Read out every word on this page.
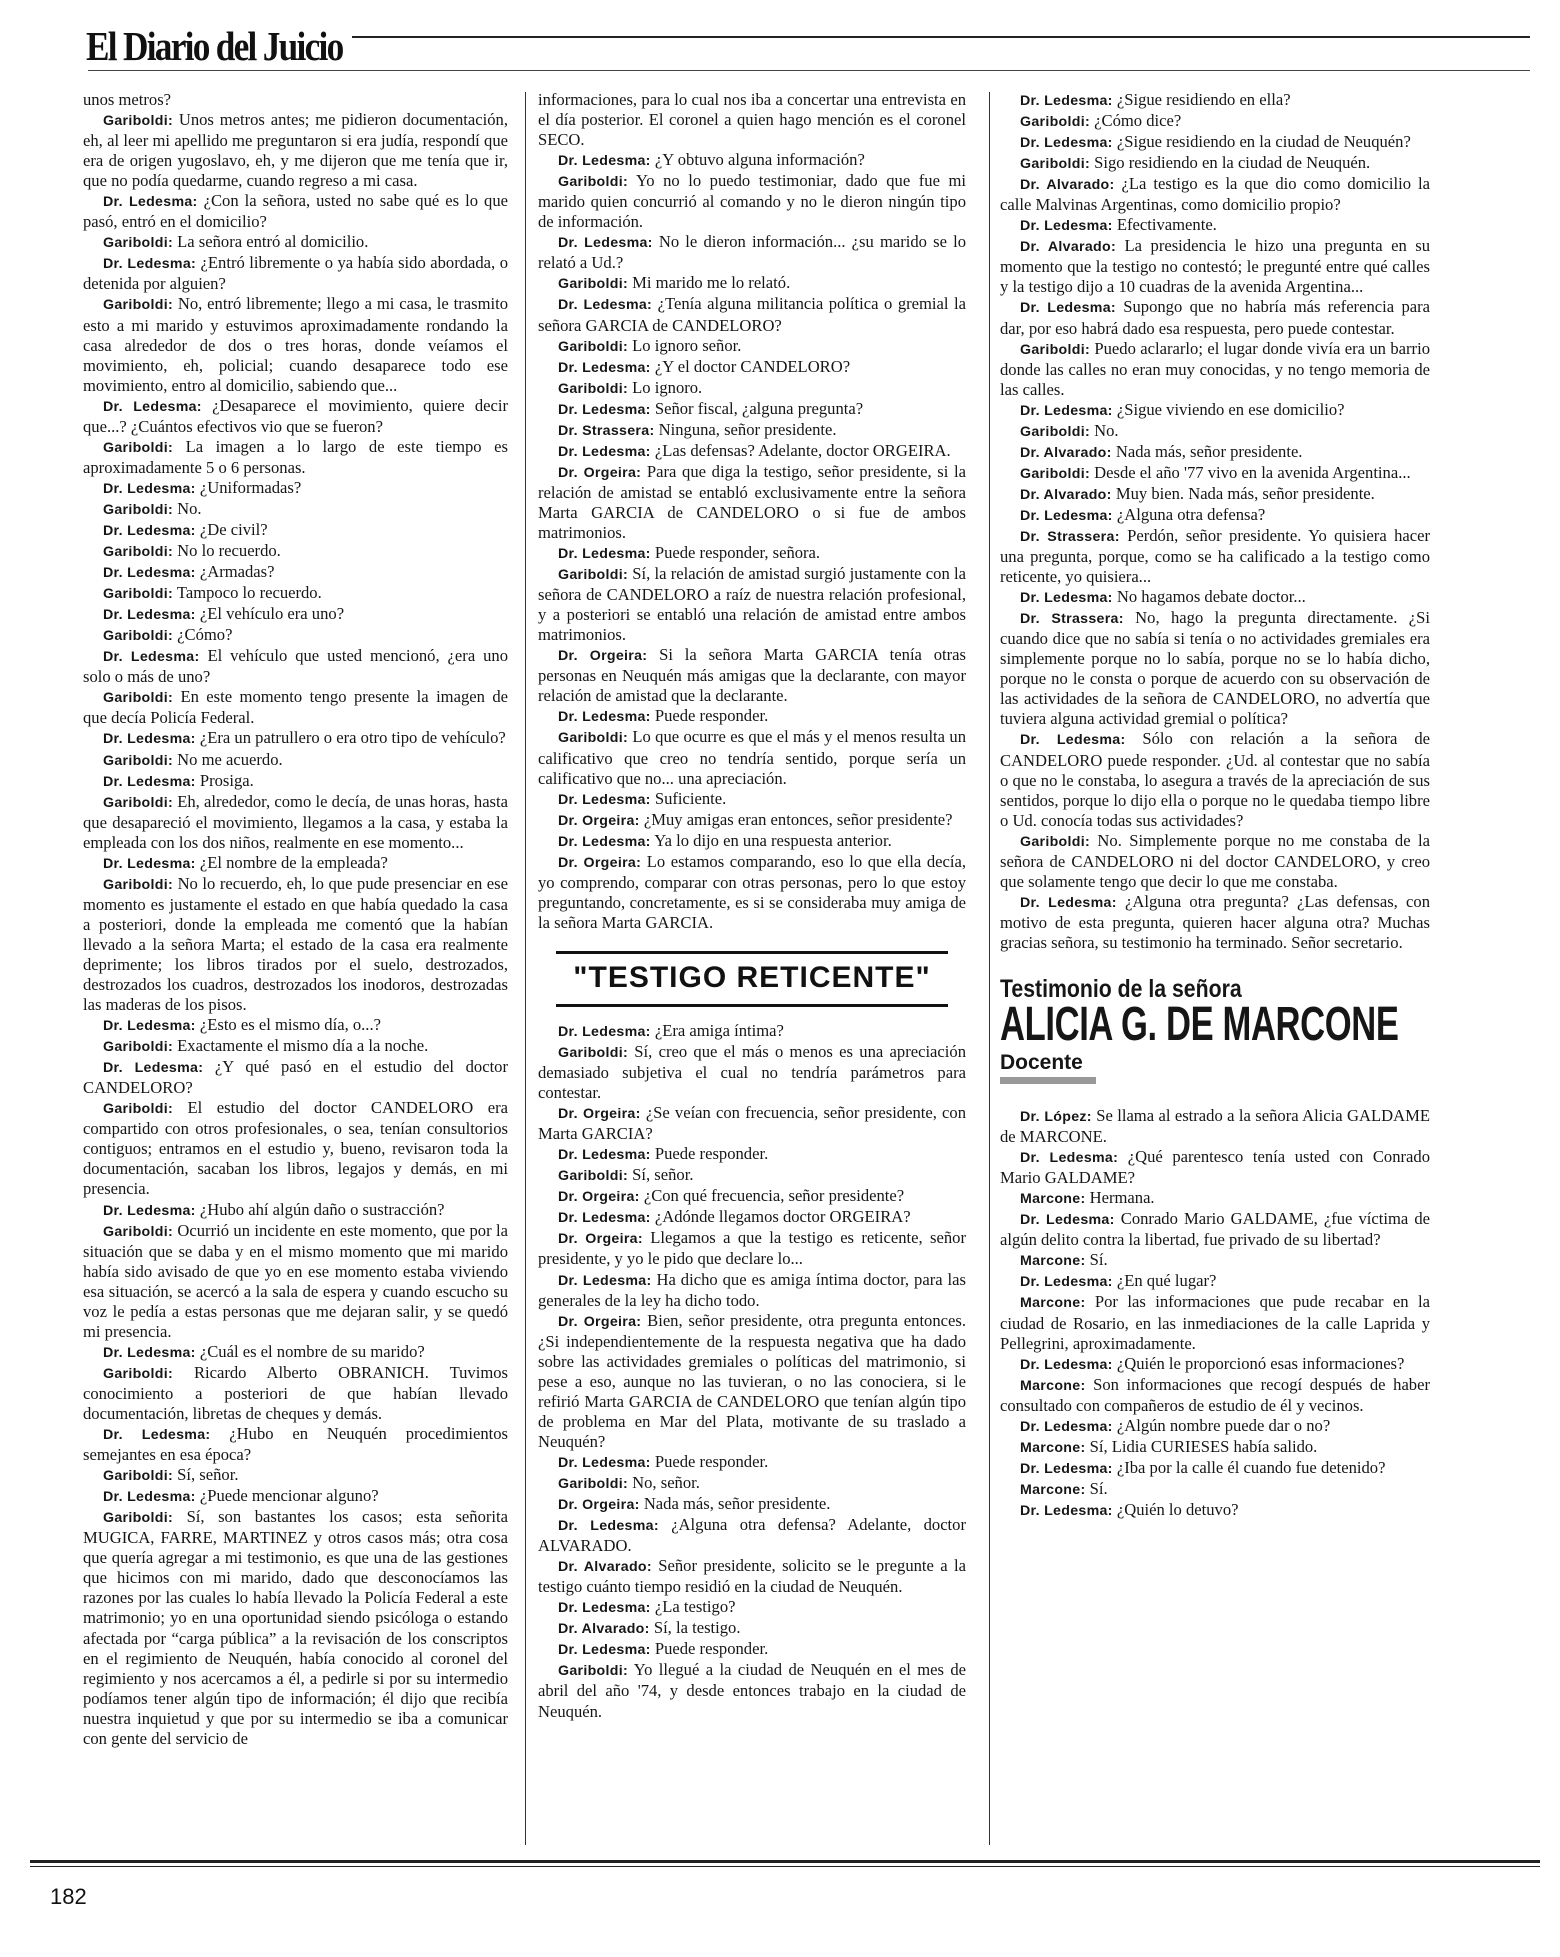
El Diario del Juicio

unos metros?

Gariboldi: Unos metros antes; me pidieron documentación, eh, al leer mi apellido me preguntaron si era judía, respondí que era de origen yugoslavo, eh, y me dijeron que me tenía que ir, que no podía quedarme, cuando regreso a mi casa.

Dr. Ledesma: ¿Con la señora, usted no sabe qué es lo que pasó, entró en el domicilio?

Gariboldi: La señora entró al domicilio.

Dr. Ledesma: ¿Entró libremente o ya había sido abordada, o detenida por alguien?

Gariboldi: No, entró libremente; llego a mi casa, le trasmito esto a mi marido y estuvimos aproximadamente rondando la casa alrededor de dos o tres horas, donde veíamos el movimiento, eh, policial; cuando desaparece todo ese movimiento, entro al domicilio, sabiendo que...

Dr. Ledesma: ¿Desaparece el movimiento, quiere decir que...? ¿Cuántos efectivos vio que se fueron?

Gariboldi: La imagen a lo largo de este tiempo es aproximadamente 5 o 6 personas.

Dr. Ledesma: ¿Uniformadas?

Gariboldi: No.

Dr. Ledesma: ¿De civil?

Gariboldi: No lo recuerdo.

Dr. Ledesma: ¿Armadas?

Gariboldi: Tampoco lo recuerdo.

Dr. Ledesma: ¿El vehículo era uno?

Gariboldi: ¿Cómo?

Dr. Ledesma: El vehículo que usted mencionó, ¿era uno solo o más de uno?

Gariboldi: En este momento tengo presente la imagen de que decía Policía Federal.

Dr. Ledesma: ¿Era un patrullero o era otro tipo de vehículo?

Gariboldi: No me acuerdo.

Dr. Ledesma: Prosiga.

Gariboldi: Eh, alrededor, como le decía, de unas horas, hasta que desapareció el movimiento, llegamos a la casa, y estaba la empleada con los dos niños, realmente en ese momento...

Dr. Ledesma: ¿El nombre de la empleada?

Gariboldi: No lo recuerdo, eh, lo que pude presenciar en ese momento es justamente el estado en que había quedado la casa a posteriori, donde la empleada me comentó que la habían llevado a la señora Marta; el estado de la casa era realmente deprimente; los libros tirados por el suelo, destrozados, destrozados los cuadros, destrozados los inodoros, destrozadas las maderas de los pisos.

Dr. Ledesma: ¿Esto es el mismo día, o...?

Gariboldi: Exactamente el mismo día a la noche.

Dr. Ledesma: ¿Y qué pasó en el estudio del doctor CANDELORO?

Gariboldi: El estudio del doctor CANDELORO era compartido con otros profesionales, o sea, tenían consultorios contiguos; entramos en el estudio y, bueno, revisaron toda la documentación, sacaban los libros, legajos y demás, en mi presencia.

Dr. Ledesma: ¿Hubo ahí algún daño o sustracción?

Gariboldi: Ocurrió un incidente en este momento, que por la situación que se daba y en el mismo momento que mi marido había sido avisado de que yo en ese momento estaba viviendo esa situación, se acercó a la sala de espera y cuando escucho su voz le pedía a estas personas que me dejaran salir, y se quedó mi presencia.

Dr. Ledesma: ¿Cuál es el nombre de su marido?

Gariboldi: Ricardo Alberto OBRANICH. Tuvimos conocimiento a posteriori de que habían llevado documentación, libretas de cheques y demás.

Dr. Ledesma: ¿Hubo en Neuquén procedimientos semejantes en esa época?

Gariboldi: Sí, señor.

Dr. Ledesma: ¿Puede mencionar alguno?

Gariboldi: Sí, son bastantes los casos; esta señorita MUGICA, FARRE, MARTINEZ y otros casos más; otra cosa que quería agregar a mi testimonio, es que una de las gestiones que hicimos con mi marido, dado que desconocíamos las razones por las cuales lo había llevado la Policía Federal a este matrimonio; yo en una oportunidad siendo psicóloga o estando afectada por “carga pública” a la revisación de los conscriptos en el regimiento de Neuquén, había conocido al coronel del regimiento y nos acercamos a él, a pedirle si por su intermedio podíamos tener algún tipo de información; él dijo que recibía nuestra inquietud y que por su intermedio se iba a comunicar con gente del servicio de

informaciones, para lo cual nos iba a concertar una entrevista en el día posterior. El coronel a quien hago mención es el coronel SECO.

Dr. Ledesma: ¿Y obtuvo alguna información?

Gariboldi: Yo no lo puedo testimoniar, dado que fue mi marido quien concurrió al comando y no le dieron ningún tipo de información.

Dr. Ledesma: No le dieron información... ¿su marido se lo relató a Ud.?

Gariboldi: Mi marido me lo relató.

Dr. Ledesma: ¿Tenía alguna militancia política o gremial la señora GARCIA de CANDELORO?

Gariboldi: Lo ignoro señor.

Dr. Ledesma: ¿Y el doctor CANDELORO?

Gariboldi: Lo ignoro.

Dr. Ledesma: Señor fiscal, ¿alguna pregunta?

Dr. Strassera: Ninguna, señor presidente.

Dr. Ledesma: ¿Las defensas? Adelante, doctor ORGEIRA.

Dr. Orgeira: Para que diga la testigo, señor presidente, si la relación de amistad se entabló exclusivamente entre la señora Marta GARCIA de CANDELORO o si fue de ambos matrimonios.

Dr. Ledesma: Puede responder, señora.

Gariboldi: Sí, la relación de amistad surgió justamente con la señora de CANDELORO a raíz de nuestra relación profesional, y a posteriori se entabló una relación de amistad entre ambos matrimonios.

Dr. Orgeira: Si la señora Marta GARCIA tenía otras personas en Neuquén más amigas que la declarante, con mayor relación de amistad que la declarante.

Dr. Ledesma: Puede responder.

Gariboldi: Lo que ocurre es que el más y el menos resulta un calificativo que creo no tendría sentido, porque sería un calificativo que no... una apreciación.

Dr. Ledesma: Suficiente.

Dr. Orgeira: ¿Muy amigas eran entonces, señor presidente?

Dr. Ledesma: Ya lo dijo en una respuesta anterior.

Dr. Orgeira: Lo estamos comparando, eso lo que ella decía, yo comprendo, comparar con otras personas, pero lo que estoy preguntando, concretamente, es si se consideraba muy amiga de la señora Marta GARCIA.

"TESTIGO RETICENTE"

Dr. Ledesma: ¿Era amiga íntima?

Gariboldi: Sí, creo que el más o menos es una apreciación demasiado subjetiva el cual no tendría parámetros para contestar.

Dr. Orgeira: ¿Se veían con frecuencia, señor presidente, con Marta GARCIA?

Dr. Ledesma: Puede responder.

Gariboldi: Sí, señor.

Dr. Orgeira: ¿Con qué frecuencia, señor presidente?

Dr. Ledesma: ¿Adónde llegamos doctor ORGEIRA?

Dr. Orgeira: Llegamos a que la testigo es reticente, señor presidente, y yo le pido que declare lo...

Dr. Ledesma: Ha dicho que es amiga íntima doctor, para las generales de la ley ha dicho todo.

Dr. Orgeira: Bien, señor presidente, otra pregunta entonces. ¿Si independientemente de la respuesta negativa que ha dado sobre las actividades gremiales o políticas del matrimonio, si pese a eso, aunque no las tuvieran, o no las conociera, si le refirió Marta GARCIA de CANDELORO que tenían algún tipo de problema en Mar del Plata, motivante de su traslado a Neuquén?

Dr. Ledesma: Puede responder.

Gariboldi: No, señor.

Dr. Orgeira: Nada más, señor presidente.

Dr. Ledesma: ¿Alguna otra defensa? Adelante, doctor ALVARADO.

Dr. Alvarado: Señor presidente, solicito se le pregunte a la testigo cuánto tiempo residió en la ciudad de Neuquén.

Dr. Ledesma: ¿La testigo?

Dr. Alvarado: Sí, la testigo.

Dr. Ledesma: Puede responder.

Gariboldi: Yo llegué a la ciudad de Neuquén en el mes de abril del año '74, y desde entonces trabajo en la ciudad de Neuquén.

Dr. Ledesma: ¿Sigue residiendo en ella?

Gariboldi: ¿Cómo dice?

Dr. Ledesma: ¿Sigue residiendo en la ciudad de Neuquén?

Gariboldi: Sigo residiendo en la ciudad de Neuquén.

Dr. Alvarado: ¿La testigo es la que dio como domicilio la calle Malvinas Argentinas, como domicilio propio?

Dr. Ledesma: Efectivamente.

Dr. Alvarado: La presidencia le hizo una pregunta en su momento que la testigo no contestó; le pregunté entre qué calles y la testigo dijo a 10 cuadras de la avenida Argentina...

Dr. Ledesma: Supongo que no habría más referencia para dar, por eso habrá dado esa respuesta, pero puede contestar.

Gariboldi: Puedo aclararlo; el lugar donde vivía era un barrio donde las calles no eran muy conocidas, y no tengo memoria de las calles.

Dr. Ledesma: ¿Sigue viviendo en ese domicilio?

Gariboldi: No.

Dr. Alvarado: Nada más, señor presidente.

Gariboldi: Desde el año '77 vivo en la avenida Argentina...

Dr. Alvarado: Muy bien. Nada más, señor presidente.

Dr. Ledesma: ¿Alguna otra defensa?

Dr. Strassera: Perdón, señor presidente. Yo quisiera hacer una pregunta, porque, como se ha calificado a la testigo como reticente, yo quisiera...

Dr. Ledesma: No hagamos debate doctor...

Dr. Strassera: No, hago la pregunta directamente. ¿Si cuando dice que no sabía si tenía o no actividades gremiales era simplemente porque no lo sabía, porque no se lo había dicho, porque no le consta o porque de acuerdo con su observación de las actividades de la señora de CANDELORO, no advertía que tuviera alguna actividad gremial o política?

Dr. Ledesma: Sólo con relación a la señora de CANDELORO puede responder. ¿Ud. al contestar que no sabía o que no le constaba, lo asegura a través de la apreciación de sus sentidos, porque lo dijo ella o porque no le quedaba tiempo libre o Ud. conocía todas sus actividades?

Gariboldi: No. Simplemente porque no me constaba de la señora de CANDELORO ni del doctor CANDELORO, y creo que solamente tengo que decir lo que me constaba.

Dr. Ledesma: ¿Alguna otra pregunta? ¿Las defensas, con motivo de esta pregunta, quieren hacer alguna otra? Muchas gracias señora, su testimonio ha terminado. Señor secretario.

Testimonio de la señora
ALICIA G. DE MARCONE
Docente

Dr. López: Se llama al estrado a la señora Alicia GALDAME de MARCONE.

Dr. Ledesma: ¿Qué parentesco tenía usted con Conrado Mario GALDAME?

Marcone: Hermana.

Dr. Ledesma: Conrado Mario GALDAME, ¿fue víctima de algún delito contra la libertad, fue privado de su libertad?

Marcone: Sí.

Dr. Ledesma: ¿En qué lugar?

Marcone: Por las informaciones que pude recabar en la ciudad de Rosario, en las inmediaciones de la calle Laprida y Pellegrini, aproximadamente.

Dr. Ledesma: ¿Quién le proporcionó esas informaciones?

Marcone: Son informaciones que recogí después de haber consultado con compañeros de estudio de él y vecinos.

Dr. Ledesma: ¿Algún nombre puede dar o no?

Marcone: Sí, Lidia CURIESES había salido.

Dr. Ledesma: ¿Iba por la calle él cuando fue detenido?

Marcone: Sí.

Dr. Ledesma: ¿Quién lo detuvo?

182
